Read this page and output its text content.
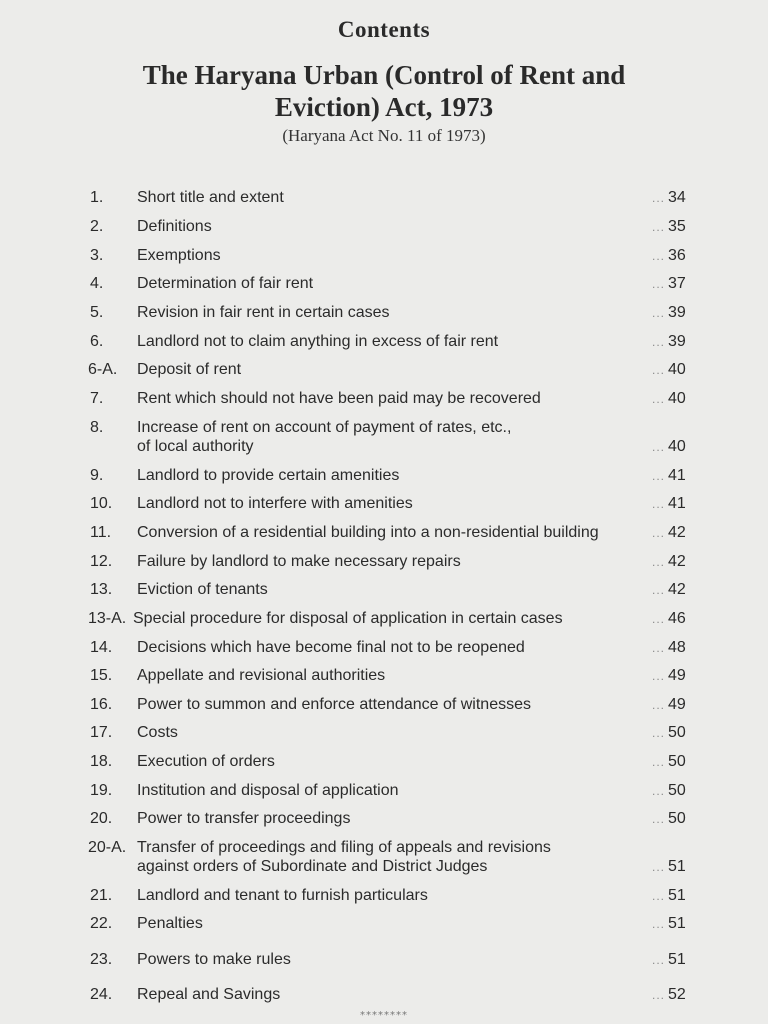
Contents
The Haryana Urban (Control of Rent and
Eviction) Act, 1973
(Haryana Act No. 11 of 1973)
1. Short title and extent	... 34
2. Definitions	... 35
3. Exemptions	... 36
4. Determination of fair rent	... 37
5. Revision in fair rent in certain cases	... 39
6. Landlord not to claim anything in excess of fair rent	... 39
6-A. Deposit of rent	... 40
7. Rent which should not have been paid may be recovered	... 40
8. Increase of rent on account of payment of rates, etc.,
of local authority	... 40
9. Landlord to provide certain amenities	... 41
10. Landlord not to interfere with amenities	... 41
11. Conversion of a residential building into a non-residential building	... 42
12. Failure by landlord to make necessary repairs	... 42
13. Eviction of tenants	... 42
13-A. Special procedure for disposal of application in certain cases	... 46
14. Decisions which have become final not to be reopened	... 48
15. Appellate and revisional authorities	... 49
16. Power to summon and enforce attendance of witnesses	... 49
17. Costs	... 50
18. Execution of orders	... 50
19. Institution and disposal of application	... 50
20. Power to transfer proceedings	... 50
20-A. Transfer of proceedings and filing of appeals and revisions
against orders of Subordinate and District Judges	... 51
21. Landlord and tenant to furnish particulars	... 51
22. Penalties	... 51
23. Powers to make rules	... 51
24. Repeal and Savings	... 52
********
